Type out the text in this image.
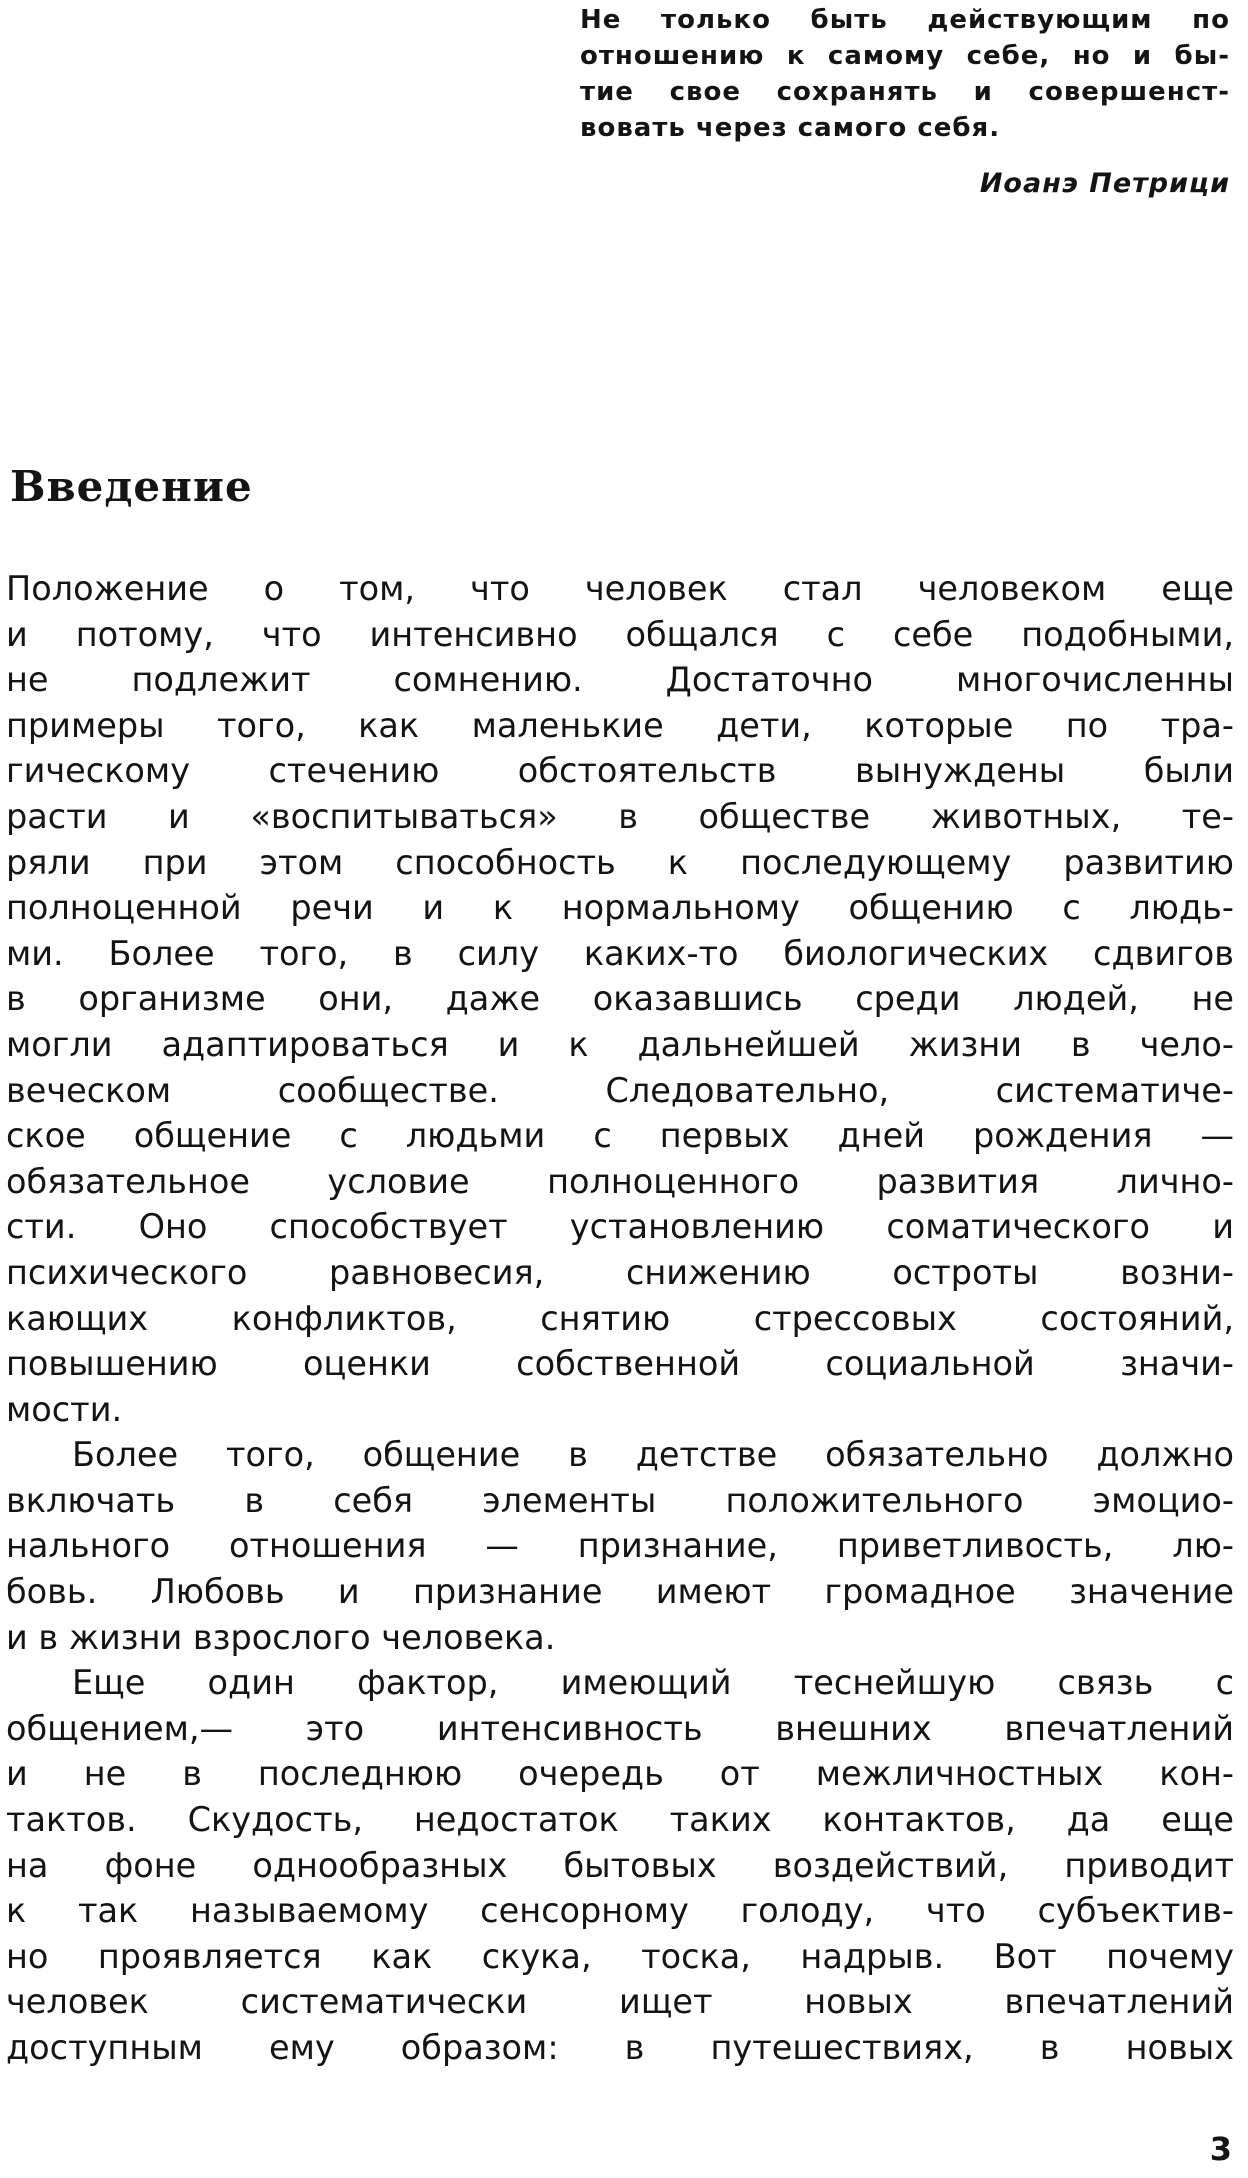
Не только быть действующим по
отношению к самому себе, но и бы-
тие свое сохранять и совершенст-
вовать через самого себя.
Иоанэ Петрици
Введение
Положение о том, что человек стал человеком еще
и потому, что интенсивно общался с себе подобными,
не подлежит сомнению. Достаточно многочисленны
примеры того, как маленькие дети, которые по тра-
гическому стечению обстоятельств вынуждены были
расти и «воспитываться» в обществе животных, те-
ряли при этом способность к последующему развитию
полноценной речи и к нормальному общению с людь-
ми. Более того, в силу каких-то биологических сдвигов
в организме они, даже оказавшись среди людей, не
могли адаптироваться и к дальнейшей жизни в чело-
веческом сообществе. Следовательно, систематиче-
ское общение с людьми с первых дней рождения —
обязательное условие полноценного развития лично-
сти. Оно способствует установлению соматического и
психического равновесия, снижению остроты возни-
кающих конфликтов, снятию стрессовых состояний,
повышению оценки собственной социальной значи-
мости.
Более того, общение в детстве обязательно должно
включать в себя элементы положительного эмоцио-
нального отношения — признание, приветливость, лю-
бовь. Любовь и признание имеют громадное значение
и в жизни взрослого человека.
Еще один фактор, имеющий теснейшую связь с
общением,— это интенсивность внешних впечатлений
и не в последнюю очередь от межличностных кон-
тактов. Скудость, недостаток таких контактов, да еще
на фоне однообразных бытовых воздействий, приводит
к так называемому сенсорному голоду, что субъектив-
но проявляется как скука, тоска, надрыв. Вот почему
человек систематически ищет новых впечатлений
доступным ему образом: в путешествиях, в новых
3
